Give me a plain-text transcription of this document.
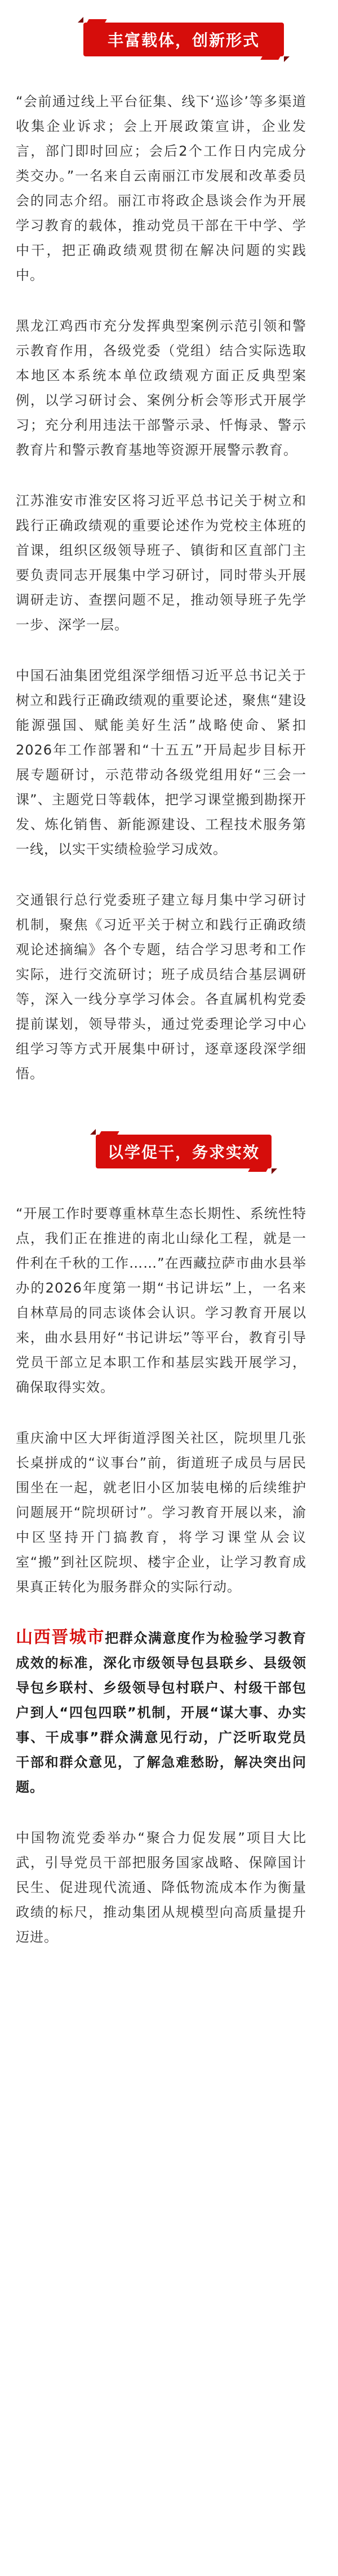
丰富载体，创新形式

“会前通过线上平台征集、线下‘巡诊’等多渠道收集企业诉求；会上开展政策宣讲，企业发言，部门即时回应；会后2个工作日内完成分类交办。”一名来自云南丽江市发展和改革委员会的同志介绍。丽江市将政企恳谈会作为开展学习教育的载体，推动党员干部在干中学、学中干，把正确政绩观贯彻在解决问题的实践中。

黑龙江鸡西市充分发挥典型案例示范引领和警示教育作用，各级党委（党组）结合实际选取本地区本系统本单位政绩观方面正反典型案例，以学习研讨会、案例分析会等形式开展学习；充分利用违法干部警示录、忏悔录、警示教育片和警示教育基地等资源开展警示教育。

江苏淮安市淮安区将习近平总书记关于树立和践行正确政绩观的重要论述作为党校主体班的首课，组织区级领导班子、镇街和区直部门主要负责同志开展集中学习研讨，同时带头开展调研走访、查摆问题不足，推动领导班子先学一步、深学一层。

中国石油集团党组深学细悟习近平总书记关于树立和践行正确政绩观的重要论述，聚焦“建设能源强国、赋能美好生活”战略使命、紧扣2026年工作部署和“十五五”开局起步目标开展专题研讨，示范带动各级党组用好“三会一课”、主题党日等载体，把学习课堂搬到勘探开发、炼化销售、新能源建设、工程技术服务第一线，以实干实绩检验学习成效。

交通银行总行党委班子建立每月集中学习研讨机制，聚焦《习近平关于树立和践行正确政绩观论述摘编》各个专题，结合学习思考和工作实际，进行交流研讨；班子成员结合基层调研等，深入一线分享学习体会。各直属机构党委提前谋划，领导带头，通过党委理论学习中心组学习等方式开展集中研讨，逐章逐段深学细悟。

以学促干，务求实效

“开展工作时要尊重林草生态长期性、系统性特点，我们正在推进的南北山绿化工程，就是一件利在千秋的工作……”在西藏拉萨市曲水县举办的2026年度第一期“书记讲坛”上，一名来自林草局的同志谈体会认识。学习教育开展以来，曲水县用好“书记讲坛”等平台，教育引导党员干部立足本职工作和基层实践开展学习，确保取得实效。

重庆渝中区大坪街道浮图关社区，院坝里几张长桌拼成的“议事台”前，街道班子成员与居民围坐在一起，就老旧小区加装电梯的后续维护问题展开“院坝研讨”。学习教育开展以来，渝中区坚持开门搞教育，将学习课堂从会议室“搬”到社区院坝、楼宇企业，让学习教育成果真正转化为服务群众的实际行动。

山西晋城市把群众满意度作为检验学习教育成效的标准，深化市级领导包县联乡、县级领导包乡联村、乡级领导包村联户、村级干部包户到人“四包四联”机制，开展“谋大事、办实事、干成事”群众满意见行动，广泛听取党员干部和群众意见，了解急难愁盼，解决突出问题。

中国物流党委举办“聚合力促发展”项目大比武，引导党员干部把服务国家战略、保障国计民生、促进现代流通、降低物流成本作为衡量政绩的标尺，推动集团从规模型向高质量提升迈进。
